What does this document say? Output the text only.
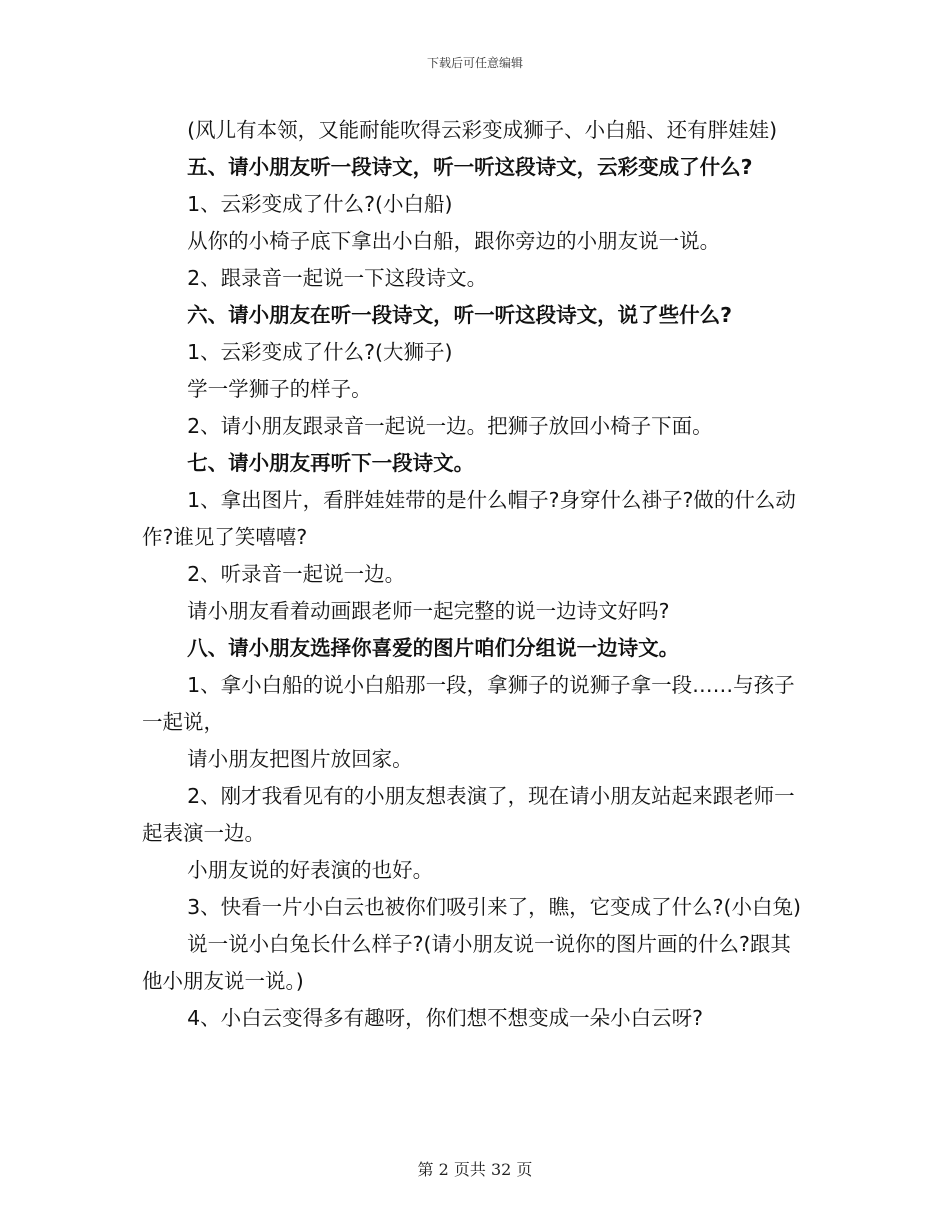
下载后可任意编辑

(风儿有本领，又能耐能吹得云彩变成狮子、小白船、还有胖娃娃)

五、请小朋友听一段诗文，听一听这段诗文，云彩变成了什么?

1、云彩变成了什么?(小白船)

从你的小椅子底下拿出小白船，跟你旁边的小朋友说一说。

2、跟录音一起说一下这段诗文。

六、请小朋友在听一段诗文，听一听这段诗文，说了些什么?

1、云彩变成了什么?(大狮子)

学一学狮子的样子。

2、请小朋友跟录音一起说一边。把狮子放回小椅子下面。

七、请小朋友再听下一段诗文。

1、拿出图片，看胖娃娃带的是什么帽子?身穿什么褂子?做的什么动作?谁见了笑嘻嘻?

2、听录音一起说一边。

请小朋友看着动画跟老师一起完整的说一边诗文好吗?

八、请小朋友选择你喜爱的图片咱们分组说一边诗文。

1、拿小白船的说小白船那一段，拿狮子的说狮子拿一段……与孩子一起说，

请小朋友把图片放回家。

2、刚才我看见有的小朋友想表演了，现在请小朋友站起来跟老师一起表演一边。

小朋友说的好表演的也好。

3、快看一片小白云也被你们吸引来了，瞧，它变成了什么?(小白兔)

说一说小白兔长什么样子?(请小朋友说一说你的图片画的什么?跟其他小朋友说一说。)

4、小白云变得多有趣呀，你们想不想变成一朵小白云呀?

第 2 页共 32 页
